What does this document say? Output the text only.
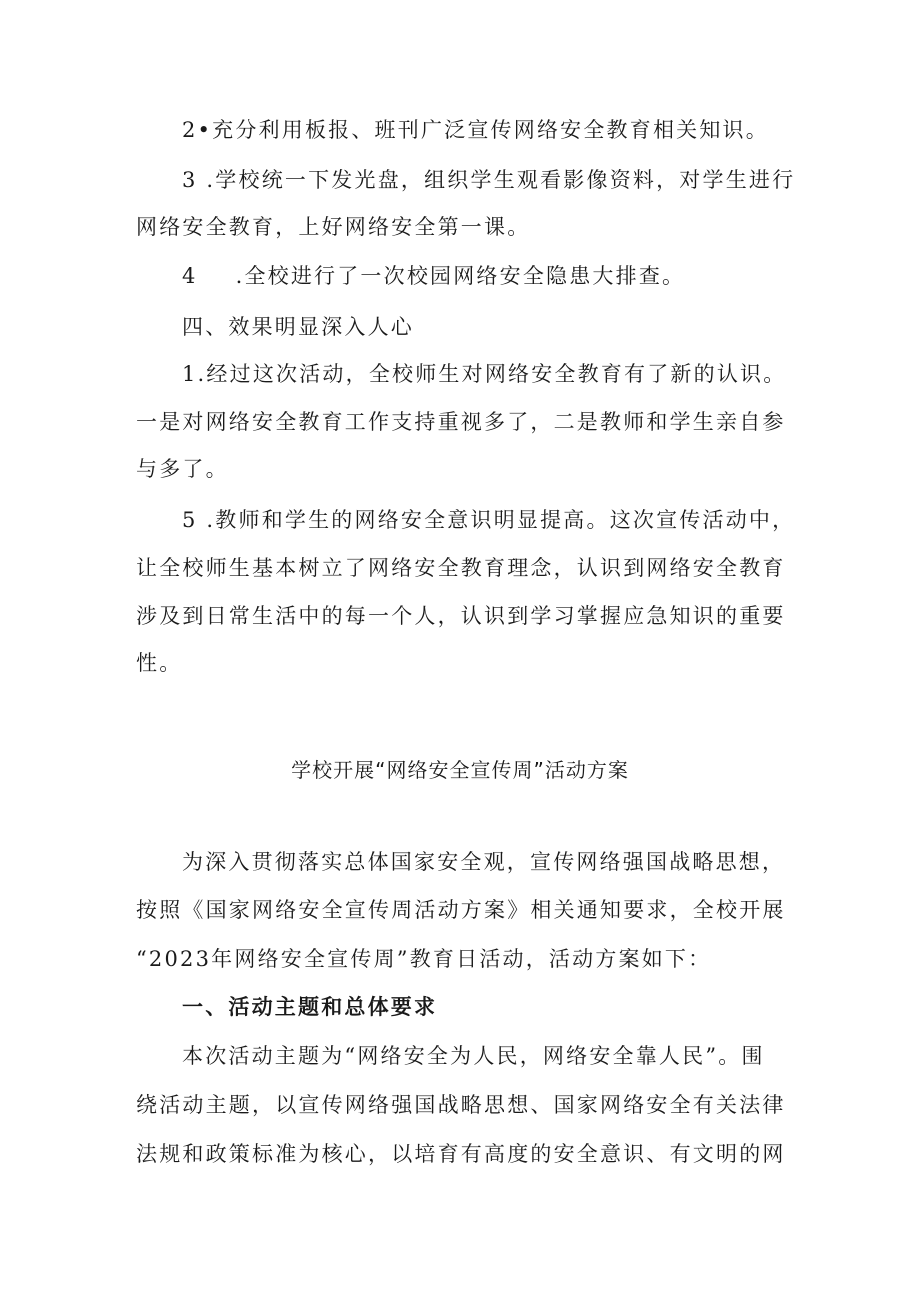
2•充分利用板报、班刊广泛宣传网络安全教育相关知识。
3 .学校统一下发光盘，组织学生观看影像资料，对学生进行
网络安全教育，上好网络安全第一课。
4 .全校进行了一次校园网络安全隐患大排查。
四、效果明显深入人心
1.经过这次活动，全校师生对网络安全教育有了新的认识。
一是对网络安全教育工作支持重视多了，二是教师和学生亲自参
与多了。
5 .教师和学生的网络安全意识明显提高。这次宣传活动中，
让全校师生基本树立了网络安全教育理念，认识到网络安全教育
涉及到日常生活中的每一个人，认识到学习掌握应急知识的重要
性。
学校开展“网络安全宣传周”活动方案
为深入贯彻落实总体国家安全观，宣传网络强国战略思想，
按照《国家网络安全宣传周活动方案》相关通知要求，全校开展
“2023年网络安全宣传周”教育日活动，活动方案如下：
一、活动主题和总体要求
本次活动主题为“网络安全为人民，网络安全靠人民”。围
绕活动主题，以宣传网络强国战略思想、国家网络安全有关法律
法规和政策标准为核心，以培育有高度的安全意识、有文明的网
